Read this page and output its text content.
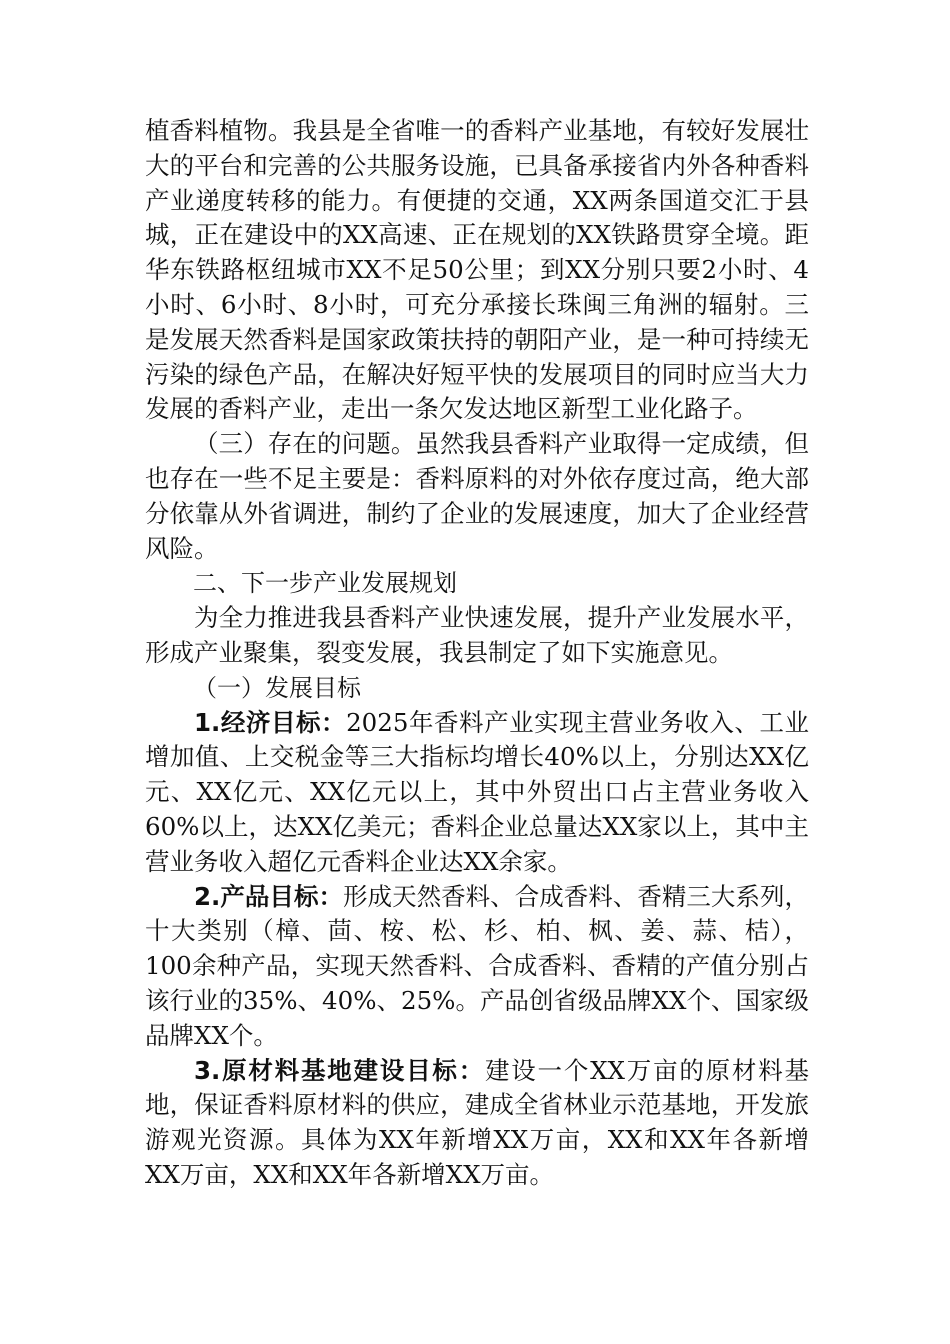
植香料植物。我县是全省唯一的香料产业基地，有较好发展壮大的平台和完善的公共服务设施，已具备承接省内外各种香料产业递度转移的能力。有便捷的交通，XX两条国道交汇于县城，正在建设中的XX高速、正在规划的XX铁路贯穿全境。距华东铁路枢纽城市XX不足50公里；到XX分别只要2小时、4小时、6小时、8小时，可充分承接长珠闽三角洲的辐射。三是发展天然香料是国家政策扶持的朝阳产业，是一种可持续无污染的绿色产品，在解决好短平快的发展项目的同时应当大力发展的香料产业，走出一条欠发达地区新型工业化路子。

（三）存在的问题。虽然我县香料产业取得一定成绩，但也存在一些不足主要是：香料原料的对外依存度过高，绝大部分依靠从外省调进，制约了企业的发展速度，加大了企业经营风险。

二、下一步产业发展规划

为全力推进我县香料产业快速发展，提升产业发展水平，形成产业聚集，裂变发展，我县制定了如下实施意见。

（一）发展目标

1.经济目标：2025年香料产业实现主营业务收入、工业增加值、上交税金等三大指标均增长40%以上，分别达XX亿元、XX亿元、XX亿元以上，其中外贸出口占主营业务收入60%以上，达XX亿美元；香料企业总量达XX家以上，其中主营业务收入超亿元香料企业达XX余家。

2.产品目标：形成天然香料、合成香料、香精三大系列，十大类别（樟、茴、桉、松、杉、柏、枫、姜、蒜、桔），100余种产品，实现天然香料、合成香料、香精的产值分别占该行业的35%、40%、25%。产品创省级品牌XX个、国家级品牌XX个。

3.原材料基地建设目标：建设一个XX万亩的原材料基地，保证香料原材料的供应，建成全省林业示范基地，开发旅游观光资源。具体为XX年新增XX万亩，XX和XX年各新增XX万亩，XX和XX年各新增XX万亩。
